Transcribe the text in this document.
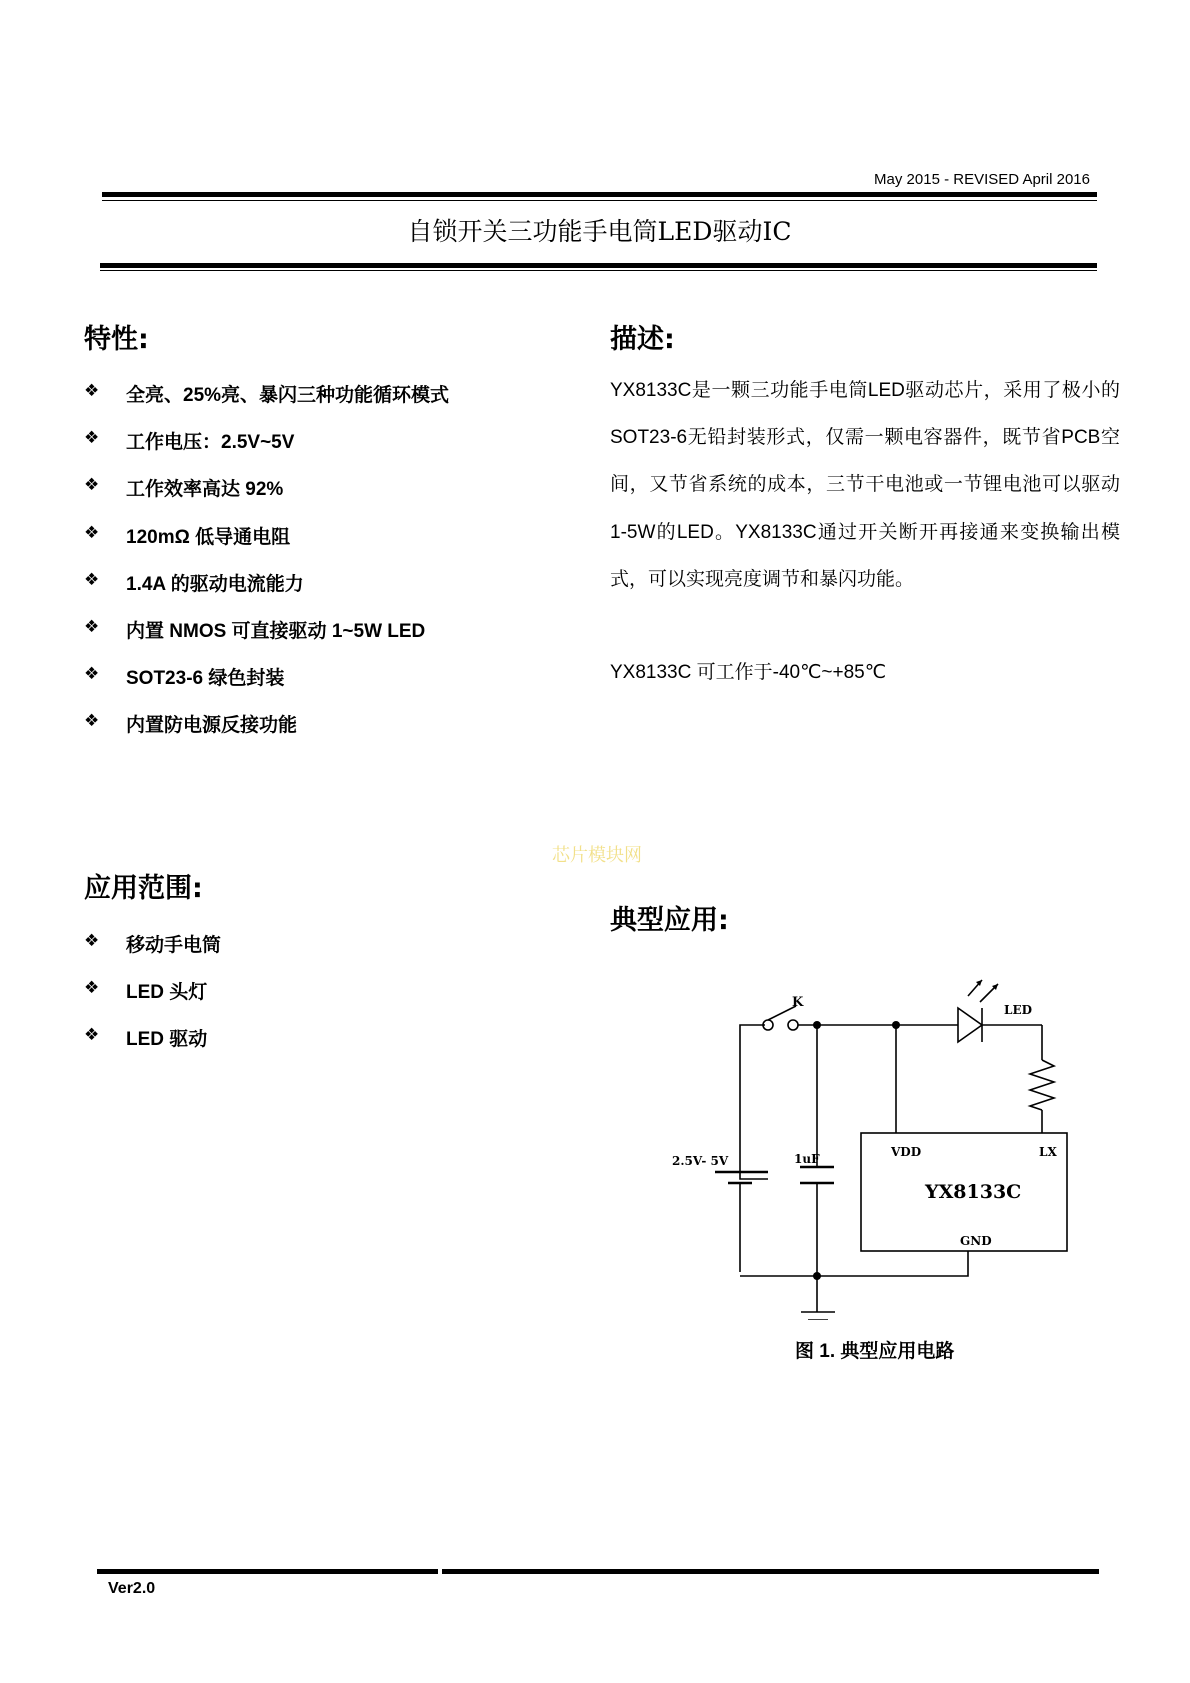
May 2015 - REVISED April 2016
自锁开关三功能手电筒LED驱动IC
特性:
❖	全亮、25%亮、暴闪三种功能循环模式
❖	工作电压：2.5V~5V
❖	工作效率高达 92%
❖	120mΩ 低导通电阻
❖	1.4A 的驱动电流能力
❖	内置 NMOS 可直接驱动 1~5W LED
❖	SOT23-6 绿色封装
❖	内置防电源反接功能
描述:
YX8133C是一颗三功能手电筒LED驱动芯片，采用了极小的SOT23-6无铅封装形式，仅需一颗电容器件，既节省PCB空间，又节省系统的成本，三节干电池或一节锂电池可以驱动1-5W的LED。YX8133C通过开关断开再接通来变换输出模式，可以实现亮度调节和暴闪功能。
YX8133C 可工作于-40℃~+85℃
芯片模块网
应用范围:
❖	移动手电筒
❖	LED 头灯
❖	LED 驱动
典型应用:
K	LED
2.5V- 5V	1uF
YX8133C
VDD	LX
GND
图 1. 典型应用电路
Ver2.0
